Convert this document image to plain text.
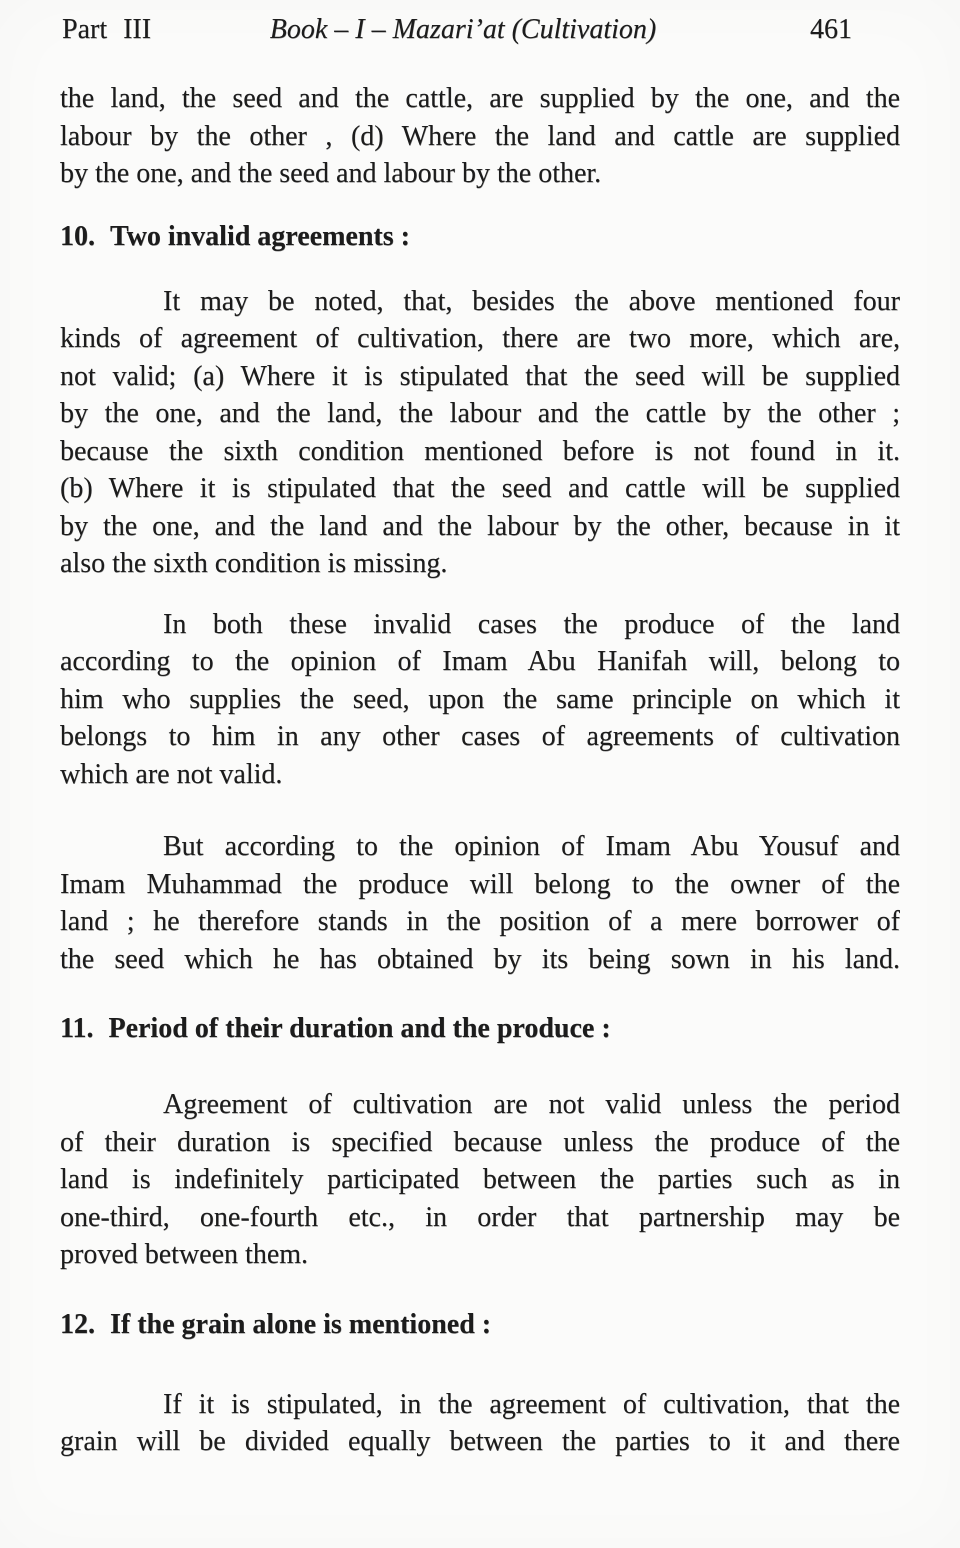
Part III	Book – I – Mazari’at (Cultivation)	461
the land, the seed and the cattle, are supplied by the one, and the
labour by the other , (d) Where the land and cattle are supplied
by the one, and the seed and labour by the other.
10. Two invalid agreements :
It may be noted, that, besides the above mentioned four
kinds of agreement of cultivation, there are two more, which are,
not valid; (a) Where it is stipulated that the seed will be supplied
by the one, and the land, the labour and the cattle by the other ;
because the sixth condition mentioned before is not found in it.
(b) Where it is stipulated that the seed and cattle will be supplied
by the one, and the land and the labour by the other, because in it
also the sixth condition is missing.
In both these invalid cases the produce of the land
according to the opinion of Imam Abu Hanifah will, belong to
him who supplies the seed, upon the same principle on which it
belongs to him in any other cases of agreements of cultivation
which are not valid.
But according to the opinion of Imam Abu Yousuf and
Imam Muhammad the produce will belong to the owner of the
land ; he therefore stands in the position of a mere borrower of
the seed which he has obtained by its being sown in his land.
11. Period of their duration and the produce :
Agreement of cultivation are not valid unless the period
of their duration is specified because unless the produce of the
land is indefinitely participated between the parties such as in
one-third, one-fourth etc., in order that partnership may be
proved between them.
12. If the grain alone is mentioned :
If it is stipulated, in the agreement of cultivation, that the
grain will be divided equally between the parties to it and there
